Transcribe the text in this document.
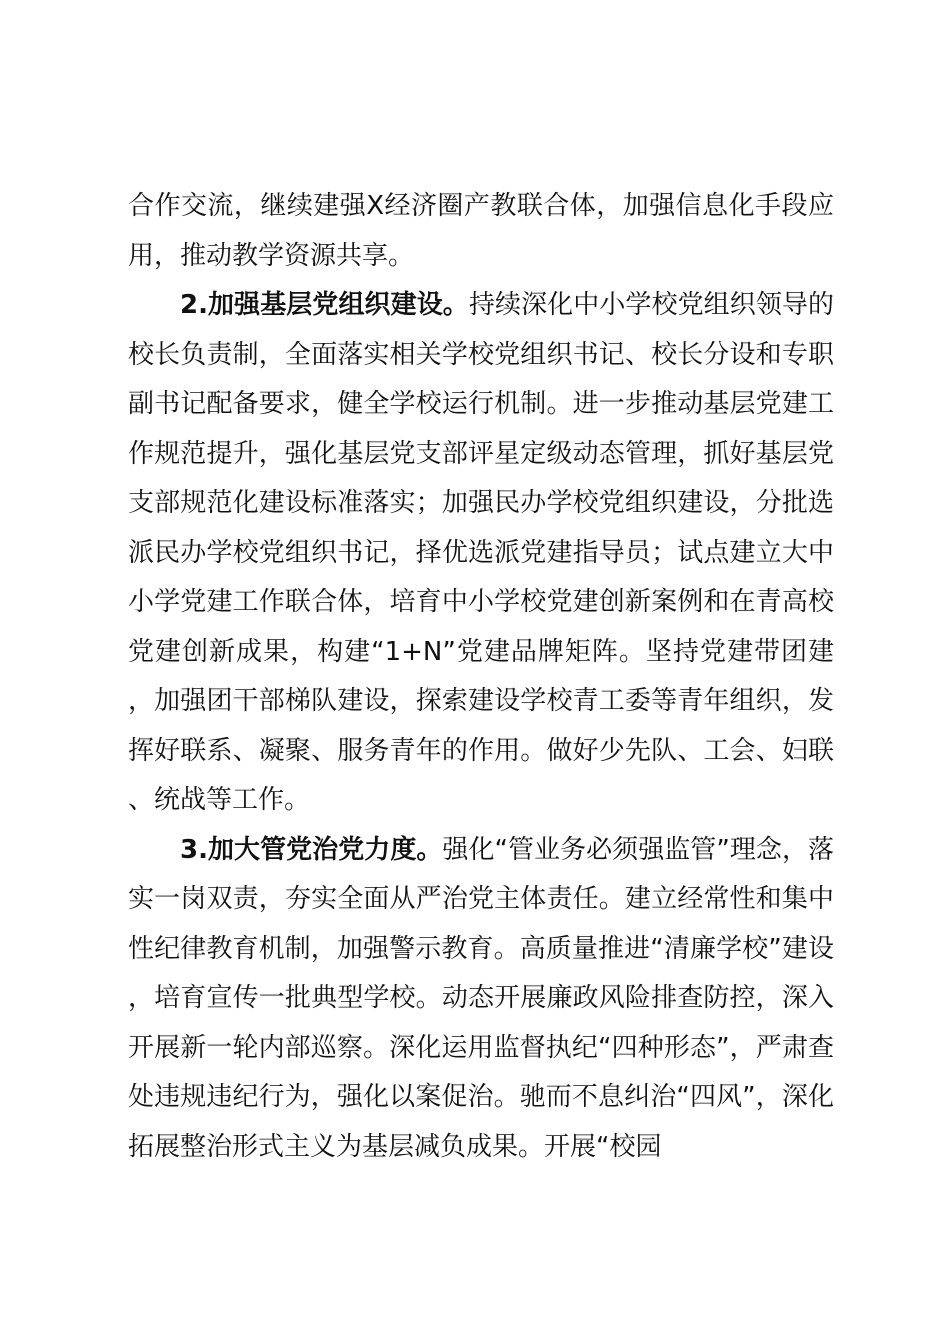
合作交流，继续建强X经济圈产教联合体，加强信息化手段应用，推动教学资源共享。

2.加强基层党组织建设。持续深化中小学校党组织领导的校长负责制，全面落实相关学校党组织书记、校长分设和专职副书记配备要求，健全学校运行机制。进一步推动基层党建工作规范提升，强化基层党支部评星定级动态管理，抓好基层党支部规范化建设标准落实；加强民办学校党组织建设，分批选派民办学校党组织书记，择优选派党建指导员；试点建立大中小学党建工作联合体，培育中小学校党建创新案例和在青高校党建创新成果，构建“1+N”党建品牌矩阵。坚持党建带团建，加强团干部梯队建设，探索建设学校青工委等青年组织，发挥好联系、凝聚、服务青年的作用。做好少先队、工会、妇联、统战等工作。

3.加大管党治党力度。强化“管业务必须强监管”理念，落实一岗双责，夯实全面从严治党主体责任。建立经常性和集中性纪律教育机制，加强警示教育。高质量推进“清廉学校”建设，培育宣传一批典型学校。动态开展廉政风险排查防控，深入开展新一轮内部巡察。深化运用监督执纪“四种形态”，严肃查处违规违纪行为，强化以案促治。驰而不息纠治“四风”，深化拓展整治形式主义为基层减负成果。开展“校园
